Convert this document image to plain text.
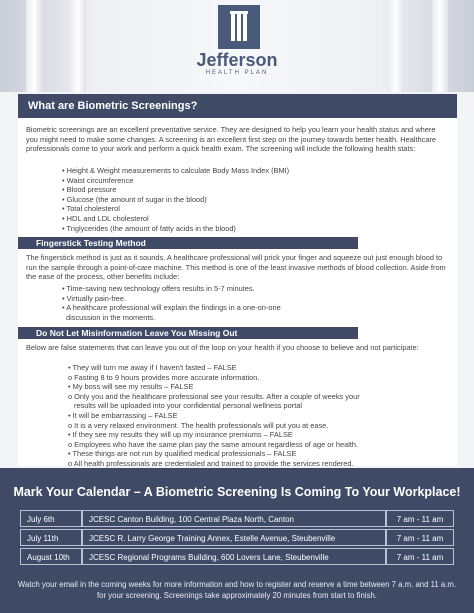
Jefferson
HEALTH PLAN
What are Biometric Screenings?
Biometric screenings are an excellent preventative service. They are designed to help you learn your health status and where you might need to make some changes. A screening is an excellent first step on the journey towards better health. Healthcare professionals come to your work and perform a quick health exam. The screening will include the following health stats:
• Height & Weight measurements to calculate Body Mass Index (BMI)
• Waist circumference
• Blood pressure
• Glucose (the amount of sugar in the blood)
• Total cholesterol
• HDL and LDL cholesterol
• Triglycerides (the amount of fatty acids in the blood)
Fingerstick Testing Method
The fingerstick method is just as it sounds. A healthcare professional will prick your finger and squeeze out just enough blood to run the sample through a point-of-care machine. This method is one of the least invasive methods of blood collection. Aside from the ease of the process, other benefits include:
• Time-saving new technology offers results in 5-7 minutes.
• Virtually pain-free.
• A healthcare professional will explain the findings in a one-on-one
discussion in the moments.
Do Not Let Misinformation Leave You Missing Out
Below are false statements that can leave you out of the loop on your health if you choose to believe and not participate:
• They will turn me away if I haven't fasted – FALSE
o Fasting 8 to 9 hours provides more accurate information.
• My boss will see my results – FALSE
o Only you and the healthcare professional see your results. After a couple of weeks your
results will be uploaded into your confidential personal wellness portal
• It will be embarrassing – FALSE
o It is a very relaxed environment. The health professionals will put you at ease.
• If they see my results they will up my insurance premiums – FALSE
o Employees who have the same plan pay the same amount regardless of age or health.
• These things are not run by qualified medical professionals – FALSE
o All health professionals are credentialed and trained to provide the services rendered.
Mark Your Calendar – A Biometric Screening Is Coming To Your Workplace!
July 6th	JCESC Canton Building, 100 Central Plaza North, Canton	7 am - 11 am
July 11th	JCESC R. Larry George Training Annex, Estelle Avenue, Steubenville	7 am - 11 am
August 10th	JCESC Regional Programs Building, 600 Lovers Lane, Steubenville	7 am - 11 am
Watch your email in the coming weeks for more information and how to register and reserve a time between 7 a.m. and 11 a.m. for your screening. Screenings take approximately 20 minutes from start to finish.
